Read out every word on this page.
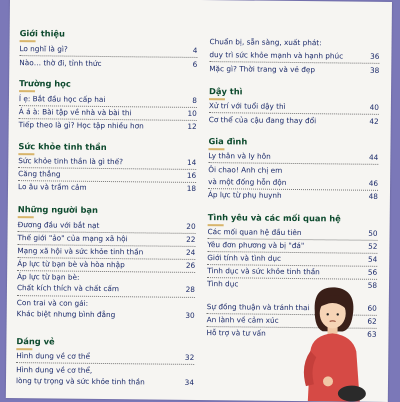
Giới thiệu
Lo nghĩ là gì?	4
Nào… thờ đi, tỉnh thức	6
Trường học
Í ẹ: Bắt đầu học cấp hai	8
Á á à: Bài tập về nhà và bài thi	10
Tiếp theo là gì? Học tập nhiều hơn	12
Sức khỏe tinh thần
Sức khỏe tinh thần là gì thế?	14
Căng thẳng	16
Lo âu và trầm cảm	18
Những người bạn
Đương đầu với bắt nạt	20
Thế giới "ảo" của mạng xã hội	22
Mạng xã hội và sức khỏe tinh thần	24
Áp lực từ bạn bè và hòa nhập	26
Áp lực từ bạn bè:
Chất kích thích và chất cấm	28
Con trai và con gái:
Khác biệt nhưng bình đẳng	30
Dáng vẻ
Hình dung về cơ thể	32
Hình dung về cơ thể,
lòng tự trọng và sức khỏe tinh thần	34
Chuẩn bị, sẵn sàng, xuất phát:
duy trì sức khỏe mạnh và hạnh phúc	36
Mặc gì? Thời trang và vẻ đẹp	38
Dậy thì
Xử trí với tuổi dậy thì	40
Cơ thể của cậu đang thay đổi	42
Gia đình
Ly thân và ly hôn	44
Ôi chao! Anh chị em
và một đống hỗn độn	46
Áp lực từ phụ huynh	48
Tình yêu và các mối quan hệ
Các mối quan hệ đầu tiên	50
Yêu đơn phương và bị "đá"	52
Giới tính và tình dục	54
Tình dục và sức khỏe tinh thần	56
Tình dục	58
Sự đồng thuận và tránh thai	60
An lành về cảm xúc	62
Hỗ trợ và tư vấn	63
